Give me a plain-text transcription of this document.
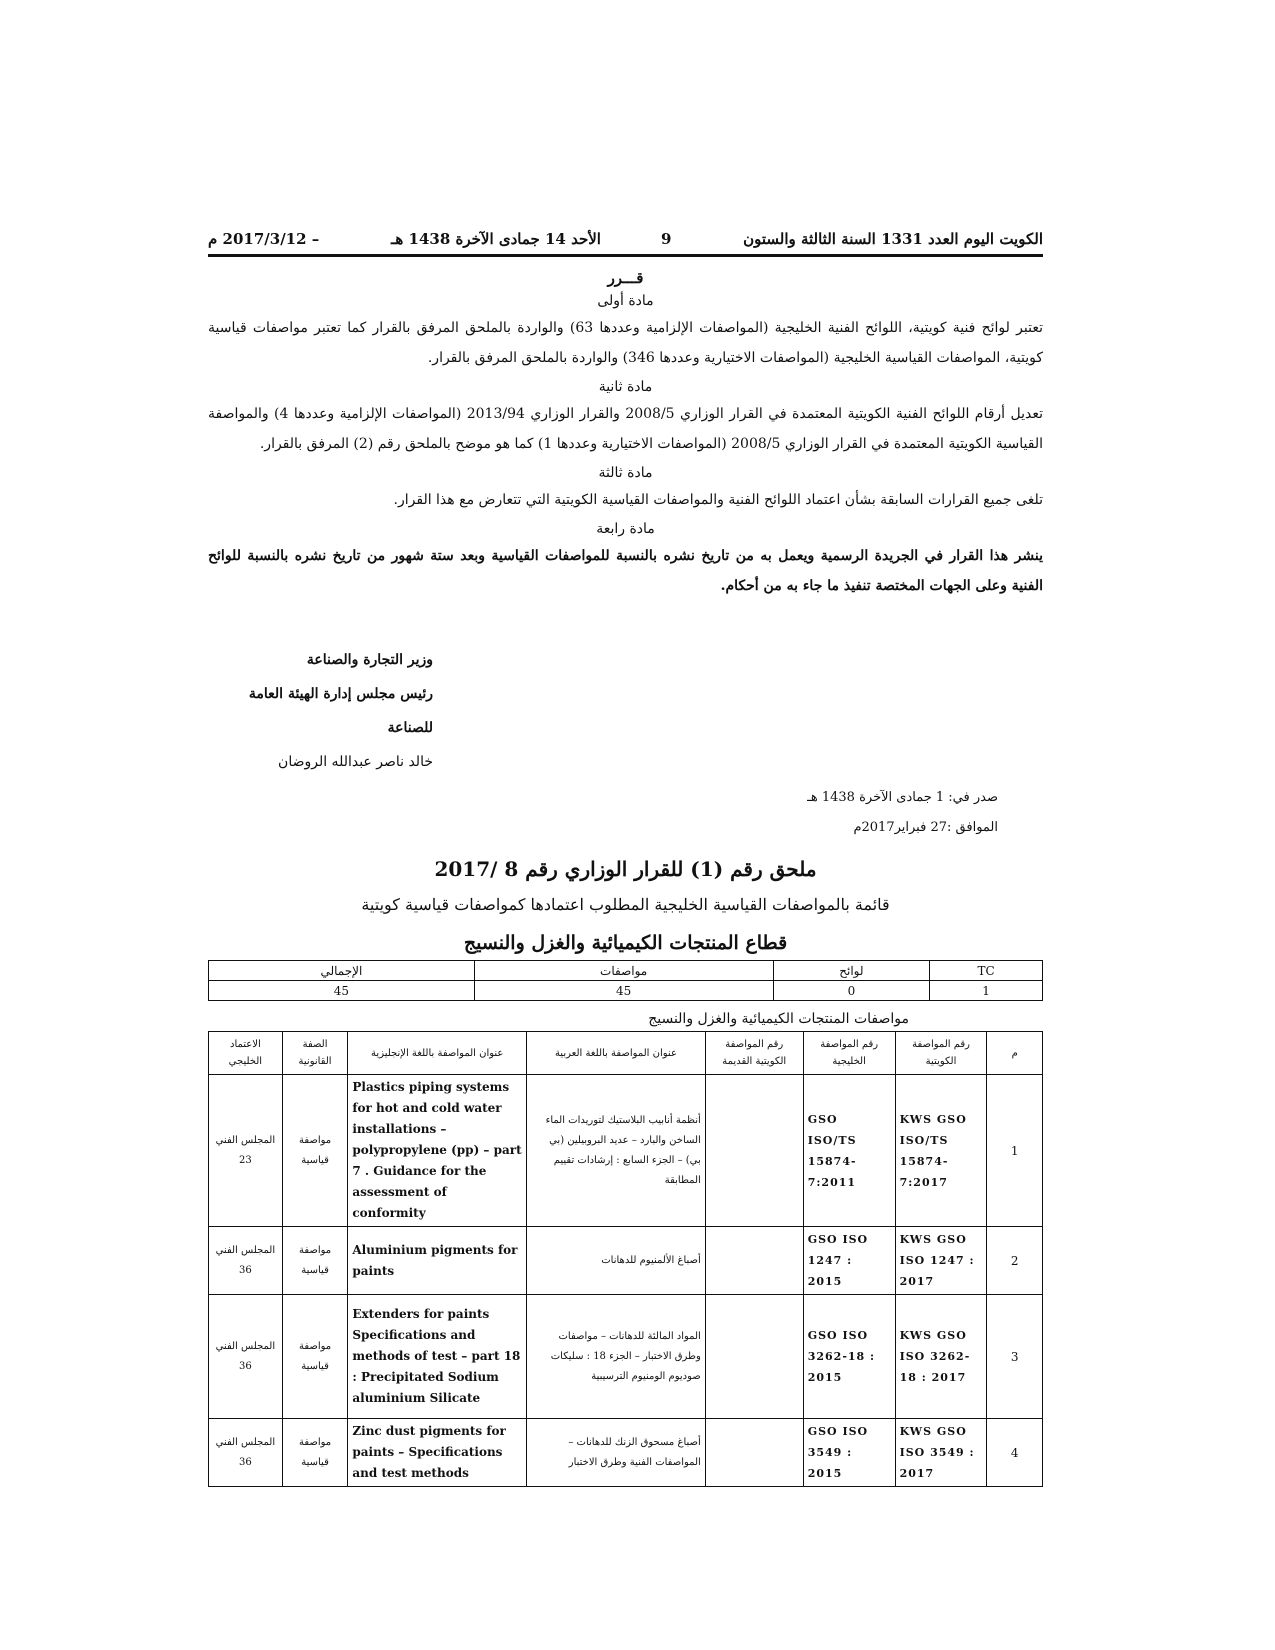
الكويت اليوم العدد 1331 السنة الثالثة والستون
9
الأحد 14 جمادى الآخرة 1438 هـ
– 2017/3/12 م
قـــرر
مادة أولى

تعتبر لوائح فنية كويتية، اللوائح الفنية الخليجية (المواصفات الإلزامية وعددها 63) والواردة بالملحق المرفق بالقرار كما تعتبر مواصفات قياسية كويتية، المواصفات القياسية الخليجية (المواصفات الاختيارية وعددها 346) والواردة بالملحق المرفق بالقرار.

مادة ثانية

تعديل أرقام اللوائح الفنية الكويتية المعتمدة في القرار الوزاري 2008/5 والقرار الوزاري 2013/94 (المواصفات الإلزامية وعددها 4) والمواصفة القياسية الكويتية المعتمدة في القرار الوزاري 2008/5 (المواصفات الاختيارية وعددها 1) كما هو موضح بالملحق رقم (2) المرفق بالقرار.

مادة ثالثة

تلغى جميع القرارات السابقة بشأن اعتماد اللوائح الفنية والمواصفات القياسية الكويتية التي تتعارض مع هذا القرار.

مادة رابعة

ينشر هذا القرار في الجريدة الرسمية ويعمل به من تاريخ نشره بالنسبة للمواصفات القياسية وبعد ستة شهور من تاريخ نشره بالنسبة للوائح الفنية وعلى الجهات المختصة تنفيذ ما جاء به من أحكام.

وزير التجارة والصناعة
رئيس مجلس إدارة الهيئة العامة للصناعة
خالد ناصر عبدالله الروضان
صدر في: 1 جمادى الآخرة 1438 هـ
الموافق :27 فبراير2017م
ملحق رقم (1) للقرار الوزاري رقم 8 /2017
قائمة بالمواصفات القياسية الخليجية المطلوب اعتمادها كمواصفات قياسية كويتية
قطاع المنتجات الكيميائية والغزل والنسيج
TC	لوائح	مواصفات	الإجمالي
1	0	45	45
مواصفات المنتجات الكيميائية والغزل والنسيج
م	رقم المواصفة الكويتية	رقم المواصفة الخليجية	رقم المواصفة الكويتية القديمة	عنوان المواصفة باللغة العربية	عنوان المواصفة باللغة الإنجليزية	الصفة القانونية	الاعتماد الخليجي
1	KWS GSO ISO/TS 15874-7:2017	GSO ISO/TS 15874-7:2011		أنظمة أنابيب البلاستيك لتوريدات الماء الساخن والبارد – عديد البروبيلين (بي بي) – الجزء السابع : إرشادات تقييم المطابقة	Plastics piping systems for hot and cold water installations – polypropylene (pp) – part 7 . Guidance for the assessment of conformity	مواصفة قياسية	المجلس الفني 23
2	KWS GSO ISO 1247 : 2017	GSO ISO 1247 : 2015		أصباغ الألمنيوم للدهانات	Aluminium pigments for paints	مواصفة قياسية	المجلس الفني 36
3	KWS GSO ISO 3262-18 : 2017	GSO ISO 3262-18 : 2015		المواد المالئة للدهانات – مواصفات وطرق الاختبار – الجزء 18 : سليكات صوديوم الومنيوم الترسيبية	Extenders for paints Specifications and methods of test – part 18 : Precipitated Sodium aluminium Silicate	مواصفة قياسية	المجلس الفني 36
4	KWS GSO ISO 3549 : 2017	GSO ISO 3549 : 2015		أصباغ مسحوق الزنك للدهانات – المواصفات الفنية وطرق الاختبار	Zinc dust pigments for paints – Specifications and test methods	مواصفة قياسية	المجلس الفني 36
